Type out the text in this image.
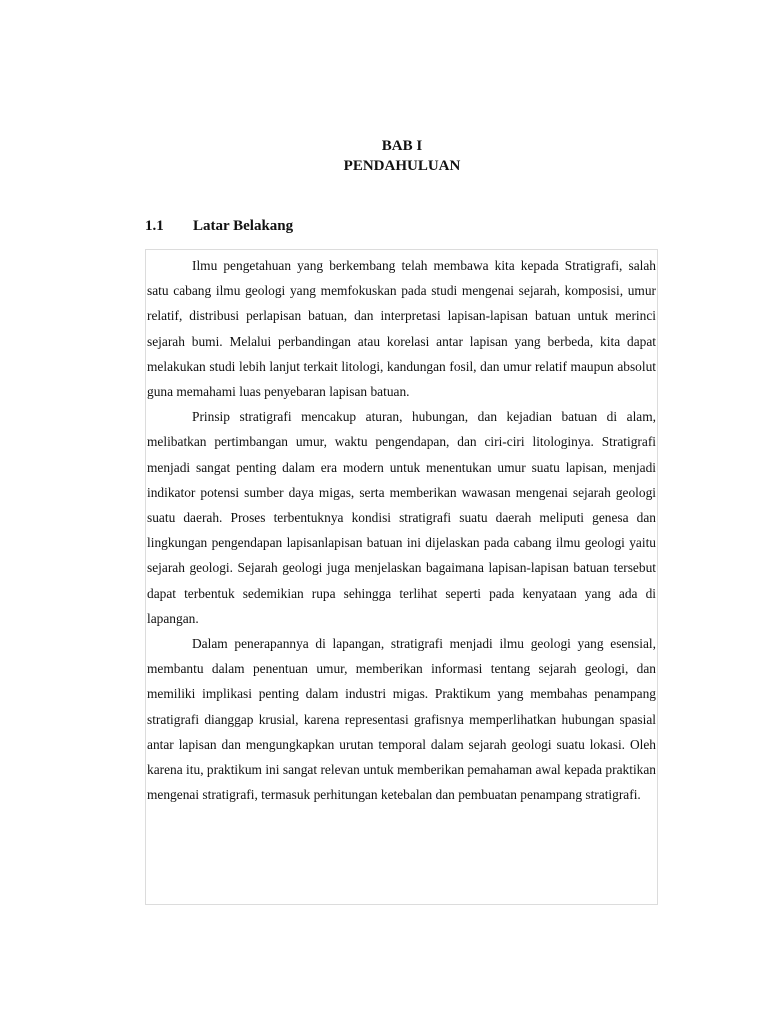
BAB I
PENDAHULUAN
1.1	Latar Belakang

Ilmu pengetahuan yang berkembang telah membawa kita kepada Stratigrafi, salah satu cabang ilmu geologi yang memfokuskan pada studi mengenai sejarah, komposisi, umur relatif, distribusi perlapisan batuan, dan interpretasi lapisan-lapisan batuan untuk merinci sejarah bumi. Melalui perbandingan atau korelasi antar lapisan yang berbeda, kita dapat melakukan studi lebih lanjut terkait litologi, kandungan fosil, dan umur relatif maupun absolut guna memahami luas penyebaran lapisan batuan.

Prinsip stratigrafi mencakup aturan, hubungan, dan kejadian batuan di alam, melibatkan pertimbangan umur, waktu pengendapan, dan ciri-ciri litologinya. Stratigrafi menjadi sangat penting dalam era modern untuk menentukan umur suatu lapisan, menjadi indikator potensi sumber daya migas, serta memberikan wawasan mengenai sejarah geologi suatu daerah. Proses terbentuknya kondisi stratigrafi suatu daerah meliputi genesa dan lingkungan pengendapan lapisanlapisan batuan ini dijelaskan pada cabang ilmu geologi yaitu sejarah geologi. Sejarah geologi juga menjelaskan bagaimana lapisan-lapisan batuan tersebut dapat terbentuk sedemikian rupa sehingga terlihat seperti pada kenyataan yang ada di lapangan.

Dalam penerapannya di lapangan, stratigrafi menjadi ilmu geologi yang esensial, membantu dalam penentuan umur, memberikan informasi tentang sejarah geologi, dan memiliki implikasi penting dalam industri migas. Praktikum yang membahas penampang stratigrafi dianggap krusial, karena representasi grafisnya memperlihatkan hubungan spasial antar lapisan dan mengungkapkan urutan temporal dalam sejarah geologi suatu lokasi. Oleh karena itu, praktikum ini sangat relevan untuk memberikan pemahaman awal kepada praktikan mengenai stratigrafi, termasuk perhitungan ketebalan dan pembuatan penampang stratigrafi.
